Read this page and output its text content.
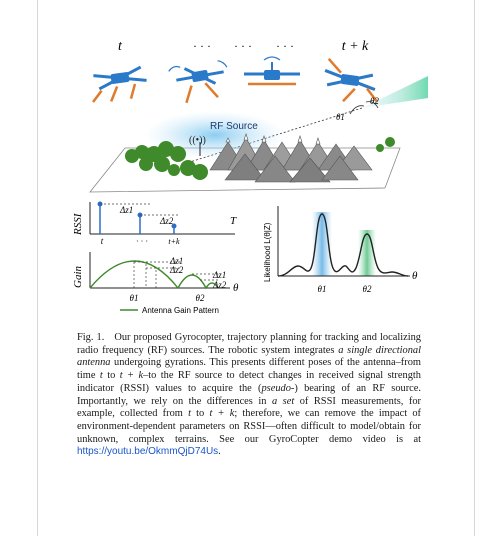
t	· · · · · · · · ·	t + k
θ1
θ2
RF Source
((•))
RSSI	T
Δz1
Δz2
t	· · ·	t+k
Gain	θ
Δz1
Δz2	Δz1
Δz2
θ1	θ2
Antenna Gain Pattern
Likelihood L(θ|Z)	θ
θ1	θ2

Fig. 1. Our proposed Gyrocopter, trajectory planning for tracking and localizing radio frequency (RF) sources. The robotic system integrates a single directional antenna undergoing gyrations. This presents different poses of the antenna–from time t to t + k–to the RF source to detect changes in received signal strength indicator (RSSI) values to acquire the (pseudo-) bearing of an RF source. Importantly, we rely on the differences in a set of RSSI measurements, for example, collected from t to t + k; therefore, we can remove the impact of environment-dependent parameters on RSSI—often difficult to model/obtain for unknown, complex terrains. See our GyroCopter demo video is at https://youtu.be/OkmmQjD74Us.
